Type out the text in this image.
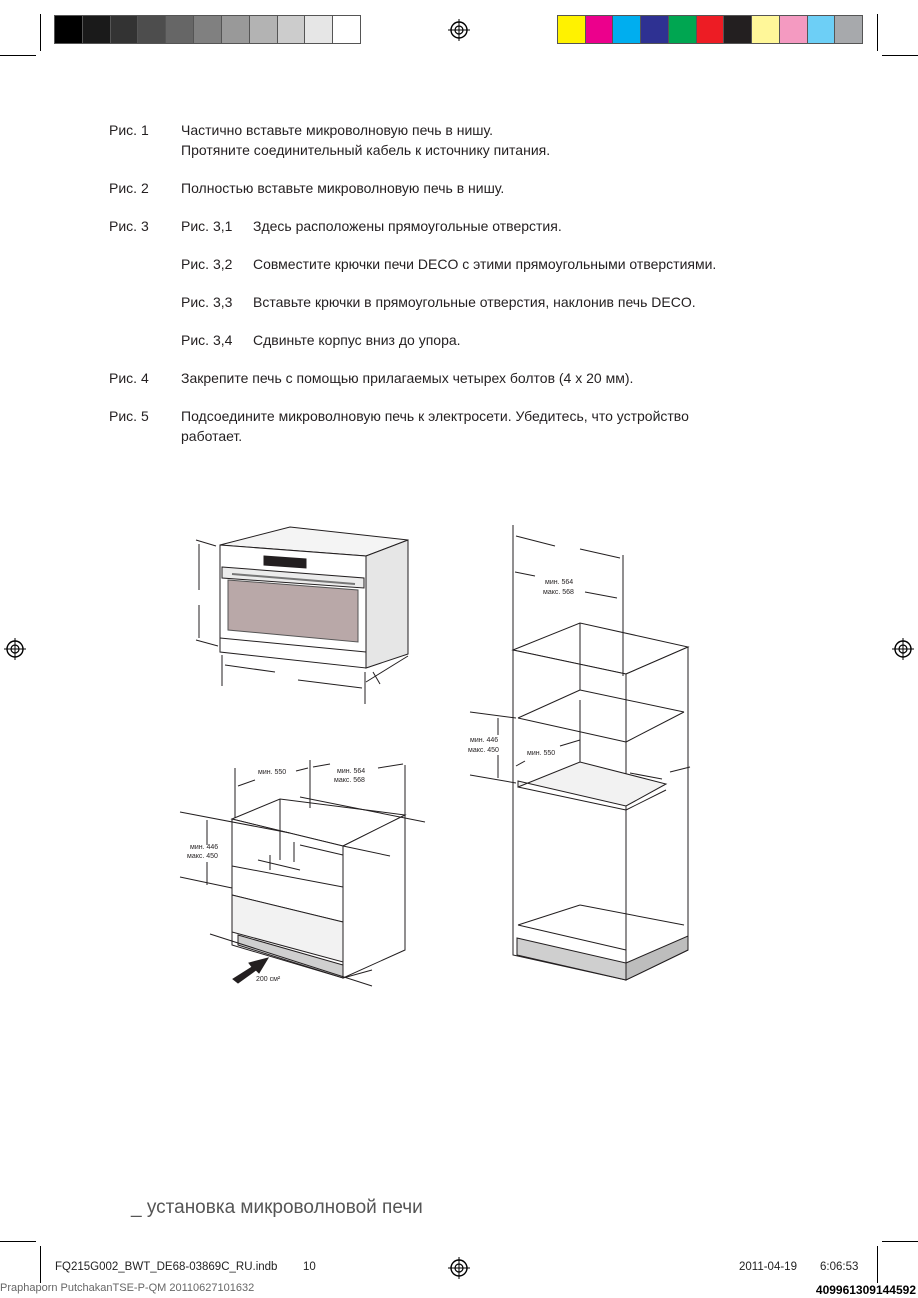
Рис. 1	Частично вставьте микроволновую печь в нишу.
Протяните соединительный кабель к источнику питания.
Рис. 2	Полностью вставьте микроволновую печь в нишу.
Рис. 3	Рис. 3,1	Здесь расположены прямоугольные отверстия.
Рис. 3,2	Совместите крючки печи DECO с этими прямоугольными отверстиями.
Рис. 3,3	Вставьте крючки в прямоугольные отверстия, наклонив печь DECO.
Рис. 3,4	Сдвиньте корпус вниз до упора.
Рис. 4	Закрепите печь с помощью прилагаемых четырех болтов (4 x 20 мм).
Рис. 5	Подсоедините микроволновую печь к электросети. Убедитесь, что устройство
работает.
мин. 550	мин. 564
макс. 568
мин. 446
макс. 450
200 см²
мин. 564
макс. 568
мин. 446
макс. 450	мин. 550
_ установка микроволновой печи
FQ215G002_BWT_DE68-03869C_RU.indb 10	2011-04-19 6:06:53
Praphaporn PutchakanTSE-P-QM 20110627101632	409961309144592
